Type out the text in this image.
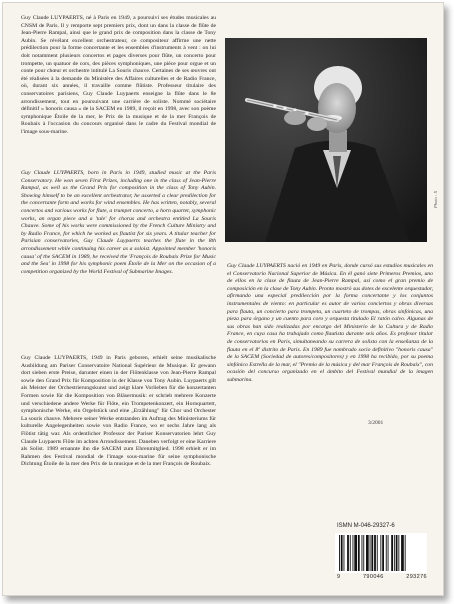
Guy Claude LUYPAERTS, né à Paris en 1949, a poursuivi ses études musicales au CNSM de Paris. Il y remporte sept premiers prix, dont un dans la classe de flûte de Jean-Pierre Rampal, ainsi que le grand prix de composition dans la classe de Tony Aubin. Se révélant excellent orchestrateur, ce compositeur affirme une nette prédilection pour la forme concertante et les ensembles d'instruments à vent : on lui doit notamment plusieurs concertos et pages diverses pour flûte, un concerto pour trompette, un quatuor de cors, des pièces symphoniques, une pièce pour orgue et un conte pour chœur et orchestre intitulé La Souris chauve. Certaines de ses œuvres ont été réalisées à la demande du Ministère des Affaires culturelles et de Radio France, où, durant six années, il travaille comme flûtiste. Professeur titulaire des conservatoires parisiens, Guy Claude Luypaerts enseigne la flûte dans le 8e arrondissement, tout en poursuivant une carrière de soliste. Nommé sociétaire définitif « honoris causa » de la SACEM en 1989, il reçoit en 1998, avec son poème symphonique Étoile de la mer, le Prix de la musique et de la mer François de Roubaix à l'occasion du concours organisé dans le cadre du Festival mondial de l'image sous-marine.

Guy Claude LUYPAERTS, born in Paris in 1949, studied music at the Paris Conservatory. He won seven First Prizes, including one in the class of Jean-Pierre Rampal, as well as the Grand Prix for composition in the class of Tony Aubin. Showing himself to be an excellent orchestrator, he asserted a clear predilection for the concertante form and works for wind ensembles. He has written, notably, several concertos and various works for flute, a trumpet concerto, a horn quartet, symphonic works, an organ piece and a 'tale' for chorus and orchestra entitled La Souris Chauve. Some of his works were commissioned by the French Culture Ministry and by Radio France, for which he worked as flautist for six years. A titular teacher for Parisian conservatories, Guy Claude Luypaerts teaches the flute in the 8th arrondissement while continuing his career as a soloist. Appointed member 'honoris causa' of the SACEM in 1989, he received the 'François de Roubaix Prize for Music and the Sea' in 1998 for his symphonic poem Étoile de la Mer on the occasion of a competition organized by the World Festival of Submarine Images.

Guy Claude LUYPAERTS, 1949 in Paris geboren, erhielt seine musikalische Ausbildung am Pariser Conservatoire National Supérieur de Musique. Er gewann dort sieben erste Preise, darunter einen in der Flötenklasse von Jean-Pierre Rampal sowie den Grand Prix für Komposition in der Klasse von Tony Aubin. Luypaerts gilt als Meister der Orchestrierungskunst und zeigt klare Vorlieben für die konzertanten Formen sowie für die Komposition von Bläsermusik: er schrieb mehrere Konzerte und verschiedene andere Werke für Flöte, ein Trompetenkonzert, ein Hornquartett, symphonische Werke, ein Orgelstück und eine „Erzählung" für Chor und Orchester La souris chauve. Mehrere seiner Werke entstanden im Auftrag des Ministeriums für kulturelle Angelegenheiten sowie von Radio France, wo er sechs Jahre lang als Flötist tätig war. Als ordentlicher Professor der Pariser Konservatorien lehrt Guy Claude Luypaerts Flöte im achten Arrondissement. Daneben verfolgt er eine Karriere als Solist. 1989 ernannte ihn die SACEM zum Ehrenmitglied. 1998 erhielt er im Rahmen des Festival mondial de l'image sous-marine für seine symphonische Dichtung Étoile de la mer den Prix de la musique et de la mer François de Roubaix.

Photo : X

Guy Claude LUYPAERTS nació en 1949 en Paris, donde cursó sus estudios musicales en el Conservatorio Nacional Superior de Música. En él ganó siete Primeros Premios, uno de ellos en la clase de flauta de Jean-Pierre Rampal, así como el gran premio de composición en la clase de Tony Aubin. Pronto mostró sus dotes de excelente orquestador, afirmando una especial predilección por la forma concertante y los conjuntos instrumentales de viento: en particular es autor de varios conciertos y obras diversas para flauta, un concierto para trompeta, un cuarteto de trompas, obras sinfónicas, una pieza para órgano y un cuento para coro y orquesta titulado El ratón calvo. Algunas de sus obras han sido realizadas por encargo del Ministerio de la Cultura y de Radio France, en cuya casa ha trabajado como flautista durante seis años. Es profesor titular de conservatorios en Paris, simultaneando su carrera de solista con la enseñanza de la flauta en el 8º distrito de Paris. En 1989 fue nombrado socio definitivo "honoris causa" de la SACEM (Sociedad de autores/compositores) y en 1998 ha recibido, por su poema sinfónico Estrella de la mar, el "Premio de la música y del mar François de Roubaix", con ocasión del concurso organizado en el ámbito del Festival mundial de la imagen submarina.

3/2001
ISMN M-046-29327-6
9	790046	293276
